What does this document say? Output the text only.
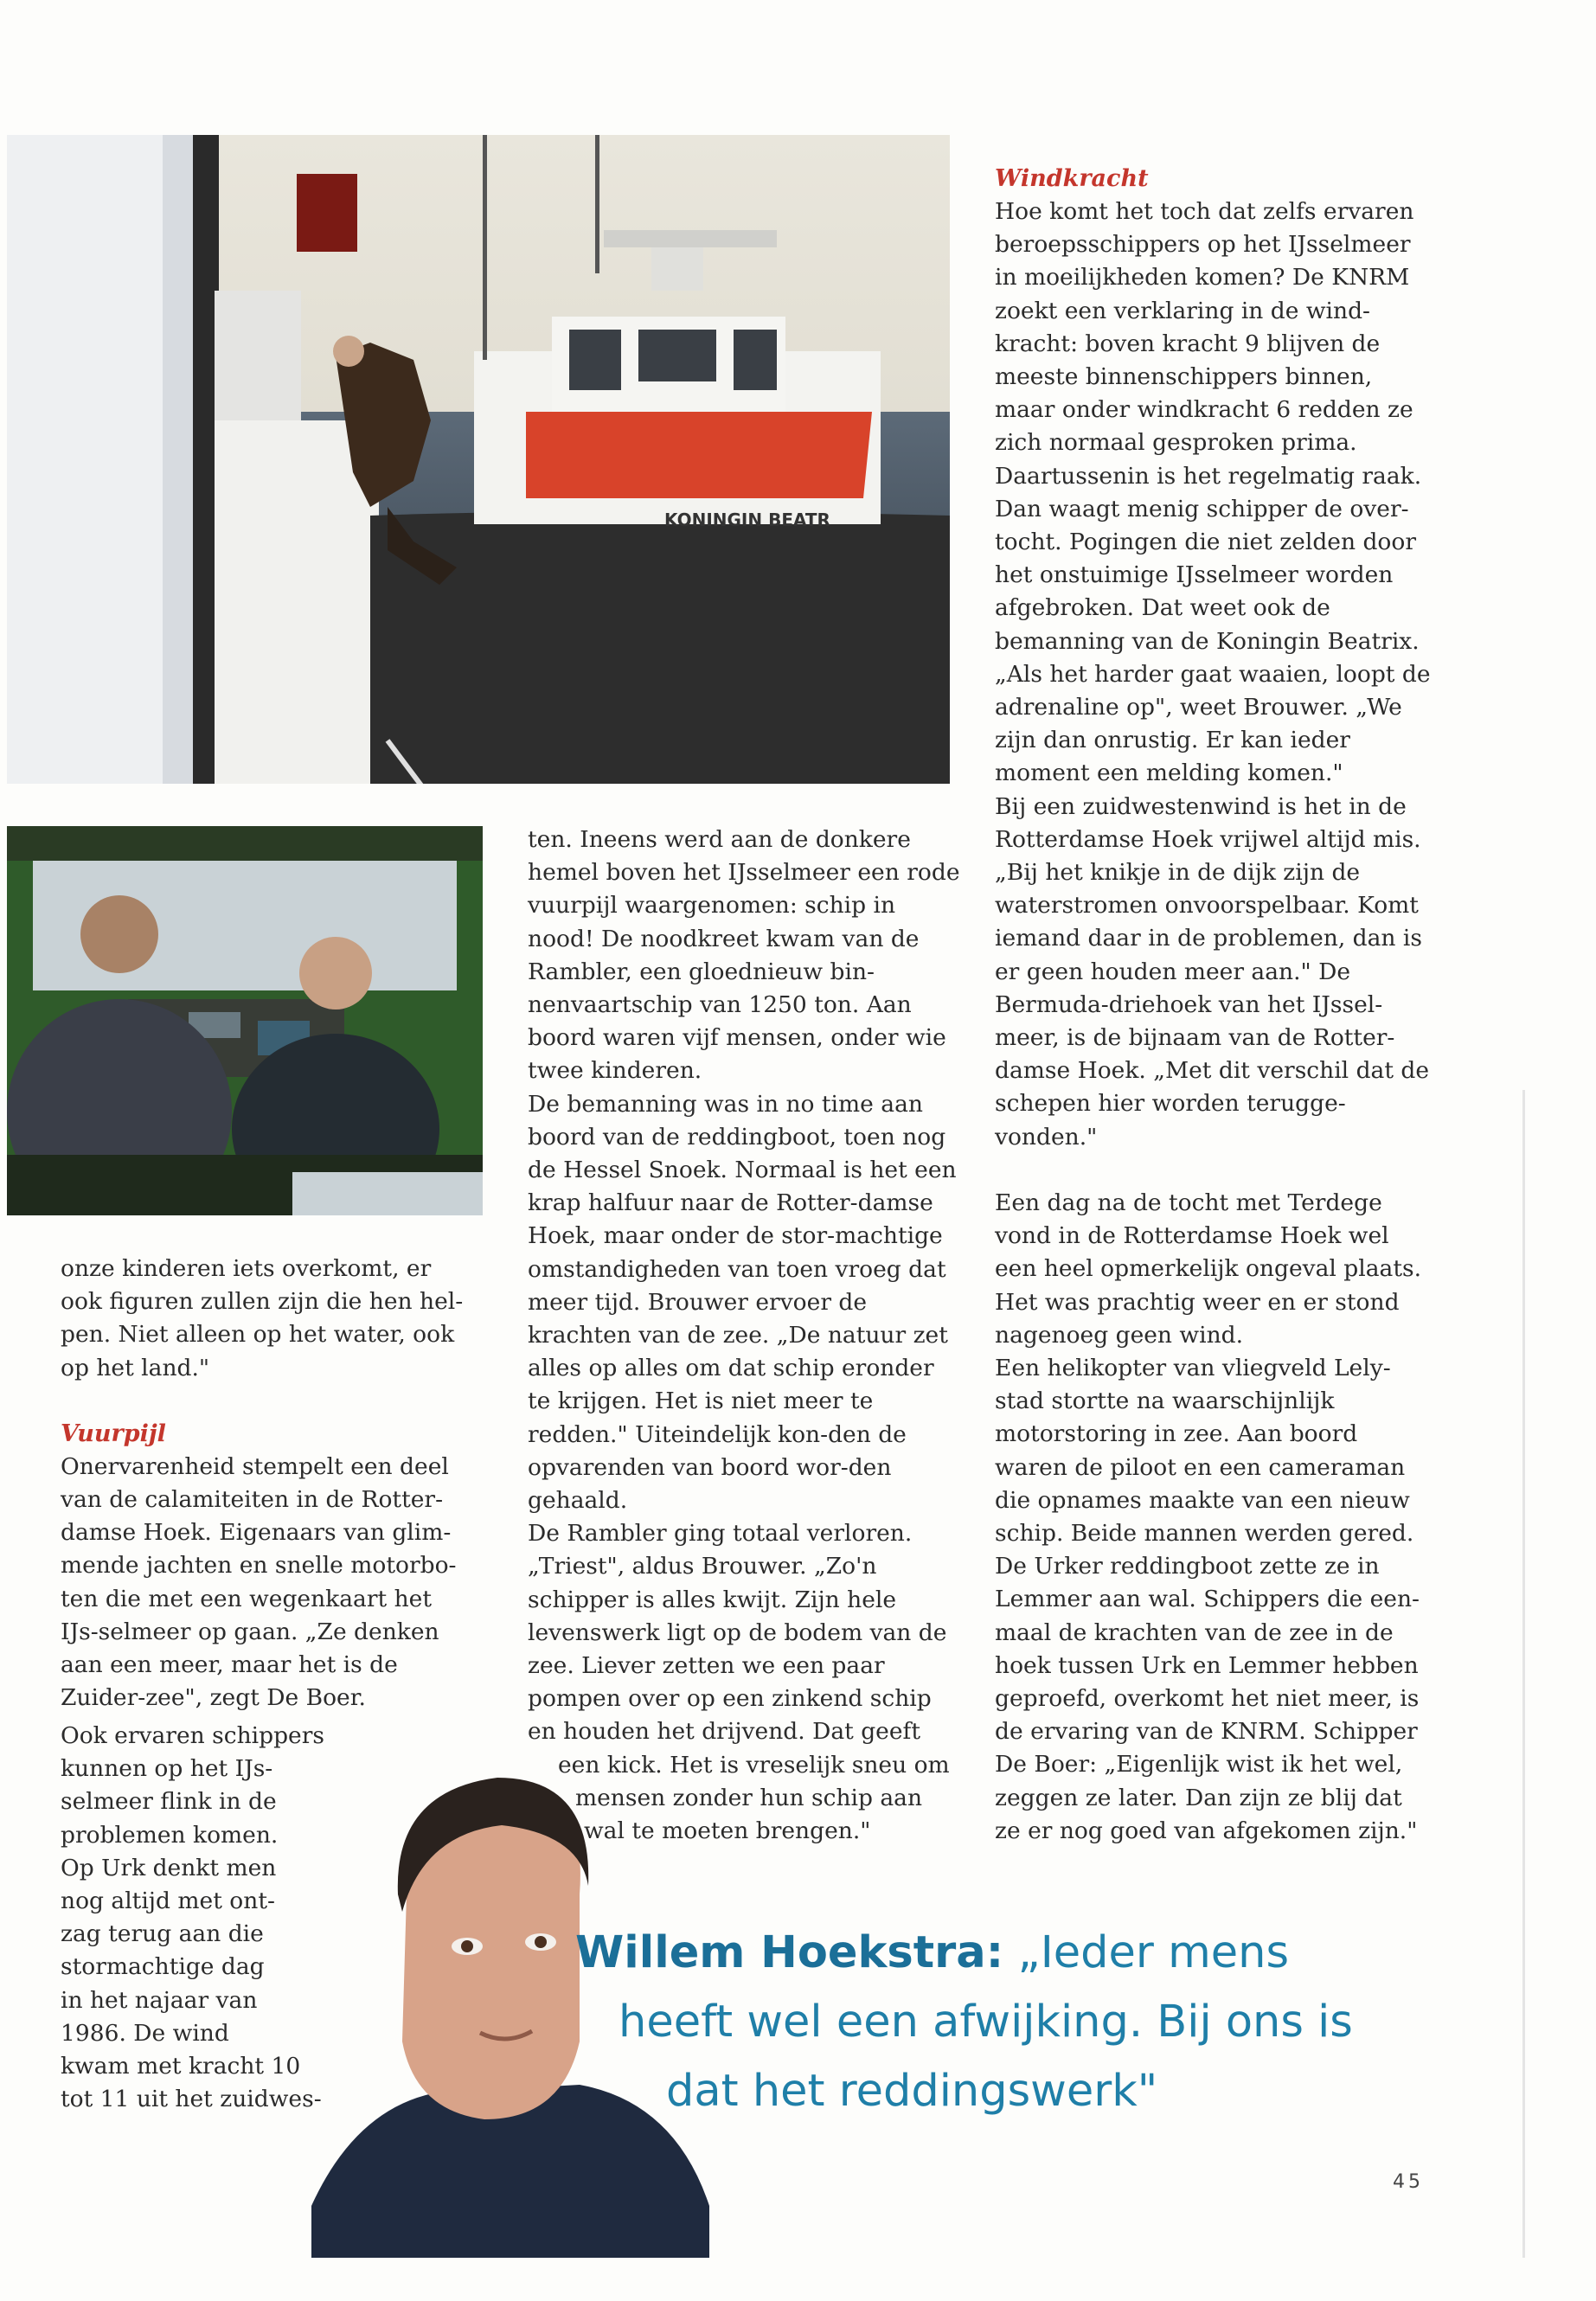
KONINGIN BEATR

onze kinderen iets overkomt, er ook figuren zullen zijn die hen hel-pen. Niet alleen op het water, ook op het land."

Vuurpijl

Onervarenheid stempelt een deel van de calamiteiten in de Rotter-damse Hoek. Eigenaars van glim-mende jachten en snelle motorbo-ten die met een wegenkaart het IJs-selmeer op gaan. „Ze denken aan een meer, maar het is de Zuider-zee", zegt De Boer.

Ook ervaren schippers

kunnen op het IJs-

selmeer flink in de

problemen komen.

Op Urk denkt men

nog altijd met ont-

zag terug aan die

stormachtige dag

in het najaar van

1986. De wind

kwam met kracht 10

tot 11 uit het zuidwes-

ten. Ineens werd aan de donkere hemel boven het IJsselmeer een rode vuurpijl waargenomen: schip in nood! De noodkreet kwam van de Rambler, een gloednieuw bin-nenvaartschip van 1250 ton. Aan boord waren vijf mensen, onder wie twee kinderen.

De bemanning was in no time aan boord van de reddingboot, toen nog de Hessel Snoek. Normaal is het een krap halfuur naar de Rotter-damse Hoek, maar onder de stor-machtige omstandigheden van toen vroeg dat meer tijd. Brouwer ervoer de krachten van de zee. „De natuur zet alles op alles om dat schip eronder te krijgen. Het is niet meer te redden." Uiteindelijk kon-den de opvarenden van boord wor-den gehaald.

De Rambler ging totaal verloren. „Triest", aldus Brouwer. „Zo'n schipper is alles kwijt. Zijn hele levenswerk ligt op de bodem van de zee. Liever zetten we een paar pompen over op een zinkend schip en houden het drijvend. Dat geeft

een kick. Het is vreselijk sneu om

mensen zonder hun schip aan

wal te moeten brengen."

Windkracht

Hoe komt het toch dat zelfs ervaren beroepsschippers op het IJsselmeer in moeilijkheden komen? De KNRM zoekt een verklaring in de wind-kracht: boven kracht 9 blijven de meeste binnenschippers binnen, maar onder windkracht 6 redden ze zich normaal gesproken prima. Daartussenin is het regelmatig raak. Dan waagt menig schipper de over-tocht. Pogingen die niet zelden door het onstuimige IJsselmeer worden afgebroken. Dat weet ook de bemanning van de Koningin Beatrix. „Als het harder gaat waaien, loopt de adrenaline op", weet Brouwer. „We zijn dan onrustig. Er kan ieder moment een melding komen."

Bij een zuidwestenwind is het in de Rotterdamse Hoek vrijwel altijd mis. „Bij het knikje in de dijk zijn de waterstromen onvoorspelbaar. Komt iemand daar in de problemen, dan is er geen houden meer aan." De Bermuda-driehoek van het IJssel-meer, is de bijnaam van de Rotter-damse Hoek. „Met dit verschil dat de schepen hier worden terugge-vonden."

Een dag na de tocht met Terdege vond in de Rotterdamse Hoek wel een heel opmerkelijk ongeval plaats. Het was prachtig weer en er stond nagenoeg geen wind.

Een helikopter van vliegveld Lely-stad stortte na waarschijnlijk motorstoring in zee. Aan boord waren de piloot en een cameraman die opnames maakte van een nieuw schip. Beide mannen werden gered. De Urker reddingboot zette ze in Lemmer aan wal. Schippers die een-maal de krachten van de zee in de hoek tussen Urk en Lemmer hebben geproefd, overkomt het niet meer, is de ervaring van de KNRM. Schipper De Boer: „Eigenlijk wist ik het wel, zeggen ze later. Dan zijn ze blij dat ze er nog goed van afgekomen zijn."

Willem Hoekstra: „Ieder mens
heeft wel een afwijking. Bij ons is
dat het reddingswerk"
45
